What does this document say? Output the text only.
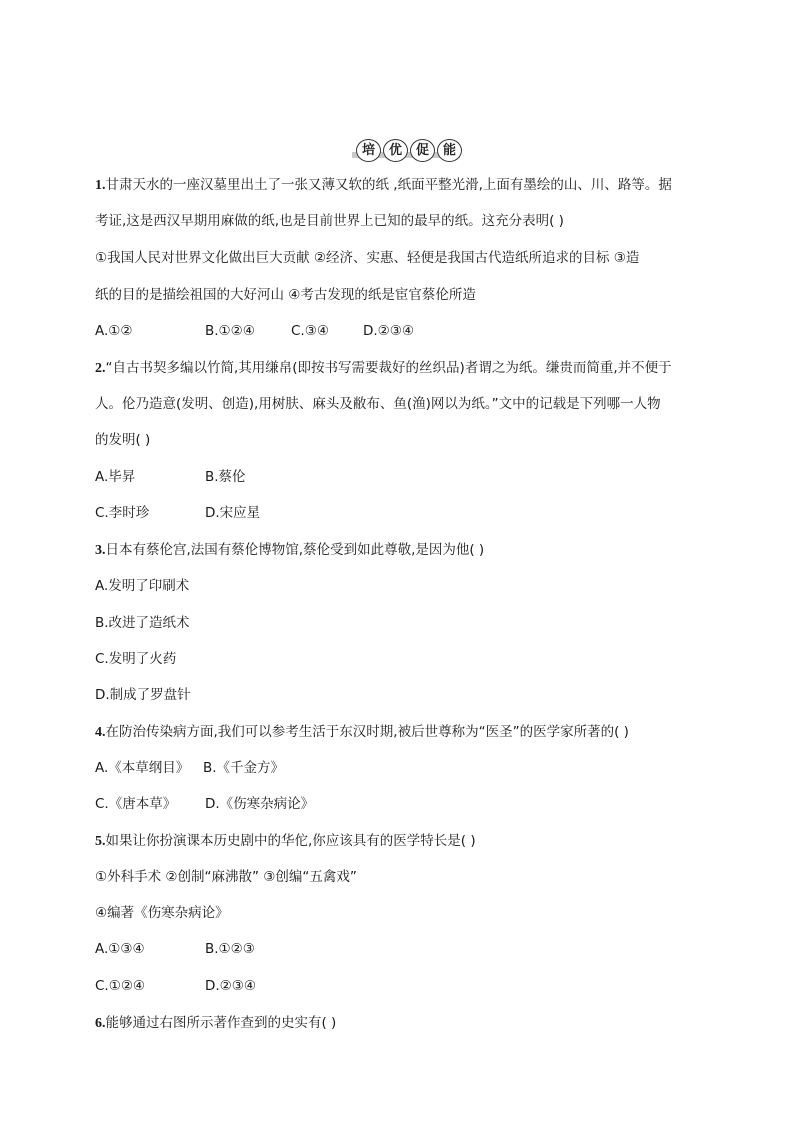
培	优	促	能
1.甘肃天水的一座汉墓里出土了一张又薄又软的纸 ,纸面平整光滑,上面有墨绘的山、川、路等。据
考证,这是西汉早期用麻做的纸,也是目前世界上已知的最早的纸。这充分表明( )
①我国人民对世界文化做出巨大贡献 ②经济、实惠、轻便是我国古代造纸所追求的目标 ③造
纸的目的是描绘祖国的大好河山 ④考古发现的纸是宦官蔡伦所造
A.①②	B.①②④	C.③④	D.②③④
2.“自古书契多编以竹简,其用缣帛(即按书写需要裁好的丝织品)者谓之为纸。缣贵而简重,并不便于
人。伦乃造意(发明、创造),用树肤、麻头及敝布、鱼(渔)网以为纸。”文中的记载是下列哪一人物
的发明( )
A.毕昇	B.蔡伦
C.李时珍	D.宋应星
3.日本有蔡伦宫,法国有蔡伦博物馆,蔡伦受到如此尊敬,是因为他( )
A.发明了印刷术
B.改进了造纸术
C.发明了火药
D.制成了罗盘针
4.在防治传染病方面,我们可以参考生活于东汉时期,被后世尊称为“医圣”的医学家所著的( )
A.《本草纲目》 B.《千金方》
C.《唐本草》 D.《伤寒杂病论》
5.如果让你扮演课本历史剧中的华佗,你应该具有的医学特长是( )
①外科手术 ②创制“麻沸散” ③创编“五禽戏”
④编著《伤寒杂病论》
A.①③④	B.①②③
C.①②④	D.②③④
6.能够通过右图所示著作查到的史实有( )
